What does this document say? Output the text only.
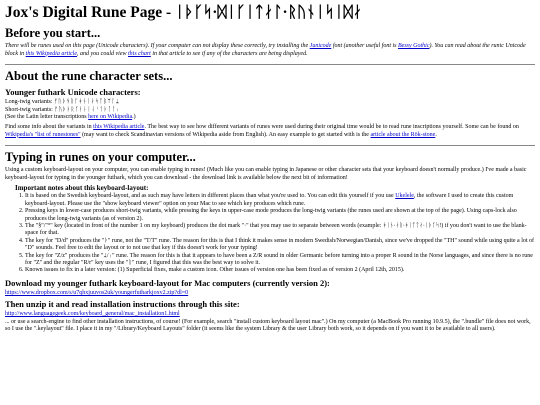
Jox's Digital Rune Page - ᛁᚦᚴᛋ·ᛞᛁᚴᛁᛏᛅᛚ·ᚱᚢᚾᛁᛋᛁᛞᛅ
Before you start...

There will be runes used on this page (Unicode characters). If your computer can not display these correctly, try installing the Junicode font (another useful font is Bessy Gothic). You can read about the runic Unicode block in this Wikipedia article, and you could view this chart in that article to see if any of the characters are being displayed.

About the rune character sets...
Younger futhark Unicode characters:

Long-twig variants: ᚠᚢᚦᚬᚱᚴᚼᚾᛁᛅᛋᛏᛒᛘᛚᛦ
Short-twig variants: ᚠᚢᚦᚭᚱᚴᚽᚿᛁᛆᛌᛐᛓᛙᛚᛧ
(See the Latin letter transcriptions here on Wikipedia.)

Find some info about the variants in this Wikipedia article. The best way to see how different variants of runes were used during their original time would be to read rune inscriptions yourself. Some can be found on Wikipedia's "list of runestones" (may want to check Scandinavian versions of Wikipedia aside from English). An easy example to get started with is the article about the Rök-stone.

Typing in runes on your computer...

Using a custom keyboard-layout on your computer, you can enable typing in runes! (Much like you can enable typing in Japanese or other character sets that your keyboard doesn't normally produce.) I've made a basic keyboard-layout for typing in the younger futhark, which you can download - the download link is available below the next bit of information!

Important notes about this keyboard-layout:
1. It is based on the Swedish keyboard-layout, and as such may have letters in different places than what you're used to. You can edit this yourself if you use Ukelele, the software I used to create this custom keyboard-layout. Please use the "show keyboard viewer" option on your Mac to see which key produces which rune.
2. Pressing keys in lower-case produces short-twig variants, while pressing the keys in upper-case mode produces the long-twig variants (the runes used are shown at the top of the page). Using caps-lock also produces the long-twig variants (as of version 2).
3. The "§"/"°" key (located in front of the number 1 on my keyboard) produces the dot mark "·" that you may use to separate between words (example: ᚼᛁᚾ·ᛅᚱ·ᚼᛁᛏᛏᛅ·ᛁᚦᚴᛋ!) if you don't want to use the blank-space for that.
4. The key for "D/d" produces the "ᚦ" rune, not the "T/T" rune. The reason for this is that I think it makes sense in modern Swedish/Norwegian/Danish, since we've dropped the "TH" sound while using quite a lot of "D" sounds. Feel free to edit the layout or to not use that key if this doesn't work for your typing!
5. The key for "Z/z" produces the "ᛦ/ᛧ" rune. The reason for this is that it appears to have been a Z/R sound in older Germanic before turning into a proper R sound in the Norse languages, and since there is no rune for "Z" and the regular "R/r" key uses the "ᚱ" rune, I figured that this was the best way to solve it.
6. Known issues to fix in a later version: (1) Superficial fixes, make a custom icon. Other issues of version one has been fixed as of version 2 (April 12th, 2015).
Download my younger futhark keyboard-layout for Mac computers (currently version 2):
https://www.dropbox.com/s/u7qhxjuuvos2uk/youngerfutharkjoxv2.zip?dl=0
Then unzip it and read installation instructions through this site:
http://www.languagegeek.com/keyboard_general/mac_installation1.html

... or use a search-engine to find other installation instructions, of course! (For example, search "install custom keyboard layout mac".) On my computer (a MacBook Pro running 10.9.5), the ".bundle" file does not work, so I use the ".keylayout" file. I place it in my "/Library/Keyboard Layouts" folder (it seems like the system Library & the user Library both work, so it depends on if you want it to be available to all users).
